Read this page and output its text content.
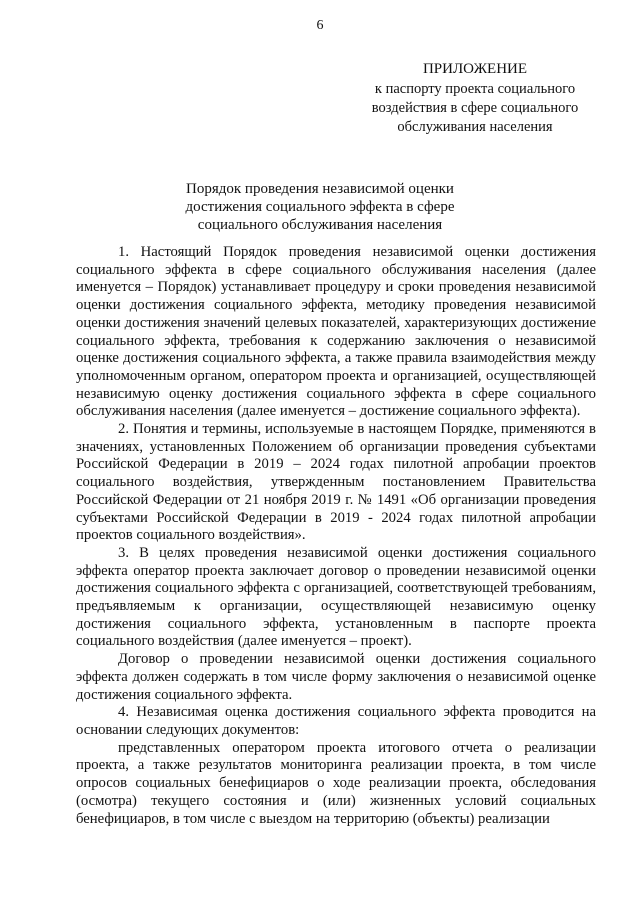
6
ПРИЛОЖЕНИЕ
к паспорту проекта социального
воздействия в сфере социального
обслуживания населения
Порядок проведения независимой оценки
достижения социального эффекта в сфере
социального обслуживания населения

1. Настоящий Порядок проведения независимой оценки достижения социального эффекта в сфере социального обслуживания населения (далее именуется – Порядок) устанавливает процедуру и сроки проведения независимой оценки достижения социального эффекта, методику проведения независимой оценки достижения значений целевых показателей, характеризующих достижение социального эффекта, требования к содержанию заключения о независимой оценке достижения социального эффекта, а также правила взаимодействия между уполномоченным органом, оператором проекта и организацией, осуществляющей независимую оценку достижения социального эффекта в сфере социального обслуживания населения (далее именуется – достижение социального эффекта).

2. Понятия и термины, используемые в настоящем Порядке, применяются в значениях, установленных Положением об организации проведения субъектами Российской Федерации в 2019 – 2024 годах пилотной апробации проектов социального воздействия, утвержденным постановлением Правительства Российской Федерации от 21 ноября 2019 г. № 1491 «Об организации проведения субъектами Российской Федерации в 2019 - 2024 годах пилотной апробации проектов социального воздействия».

3. В целях проведения независимой оценки достижения социального эффекта оператор проекта заключает договор о проведении независимой оценки достижения социального эффекта с организацией, соответствующей требованиям, предъявляемым к организации, осуществляющей независимую оценку достижения социального эффекта, установленным в паспорте проекта социального воздействия (далее именуется – проект).

Договор о проведении независимой оценки достижения социального эффекта должен содержать в том числе форму заключения о независимой оценке достижения социального эффекта.

4. Независимая оценка достижения социального эффекта проводится на основании следующих документов:

представленных оператором проекта итогового отчета о реализации проекта, а также результатов мониторинга реализации проекта, в том числе опросов социальных бенефициаров о ходе реализации проекта, обследования (осмотра) текущего состояния и (или) жизненных условий социальных бенефициаров, в том числе с выездом на территорию (объекты) реализации
